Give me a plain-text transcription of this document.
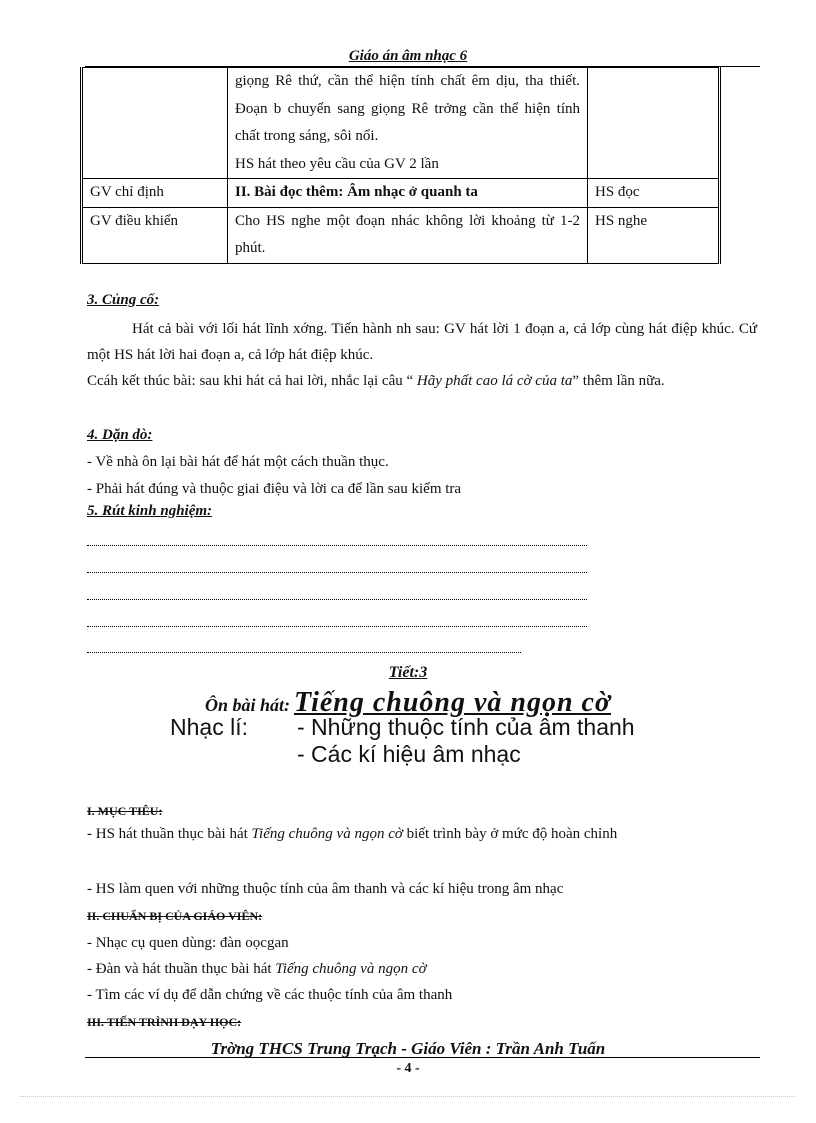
Giáo án âm nhạc 6

	giọng Rê thứ, cần thể hiện tính chất êm dịu, tha thiết. Đoạn b chuyển sang giọng Rê trởng cần thể hiện tính chất trong sáng, sôi nổi.
HS hát theo yêu cầu của GV 2 lần	

GV chỉ định	II. Bài đọc thêm: Âm nhạc ở quanh ta	HS đọc
GV điều khiển	Cho HS nghe một đoạn nhác không lời khoảng từ 1-2 phút.	HS nghe
3. Củng cố:
Hát cả bài với lối hát lĩnh xớng. Tiến hành nh sau: GV hát lời 1 đoạn a, cả lớp cùng hát điệp khúc. Cứ một HS hát lời hai đoạn a, cả lớp hát điệp khúc.
Ccáh kết thúc bài: sau khi hát cả hai lời, nhắc lại câu “ Hãy phất cao lá cờ của ta” thêm lần nữa.
4. Dặn dò:
- Về nhà ôn lại bài hát để hát một cách thuần thục.
- Phải hát đúng và thuộc giai điệu và lời ca để lần sau kiểm tra
5. Rút kinh nghiệm:
Tiết:3
Ôn bài hát: Tiếng chuông và ngọn cờ
Nhạc lí: - Những thuộc tính của âm thanh
- Các kí hiệu âm nhạc
I. MỤC TIÊU:
- HS hát thuần thục bài hát Tiếng chuông và ngọn cờ biết trình bày ở mức độ hoàn chỉnh
- HS làm quen với những thuộc tính của âm thanh và các kí hiệu trong âm nhạc
II. CHUẨN BỊ CỦA GIÁO VIÊN:
- Nhạc cụ quen dùng: đàn oọcgan
- Đàn và hát thuần thục bài hát Tiếng chuông và ngọn cờ
- Tìm các ví dụ để dẫn chứng về các thuộc tính của âm thanh
III. TIẾN TRÌNH DẠY HỌC:
Trờng THCS Trung Trạch - Giáo Viên : Trần Anh Tuấn
- 4 -
